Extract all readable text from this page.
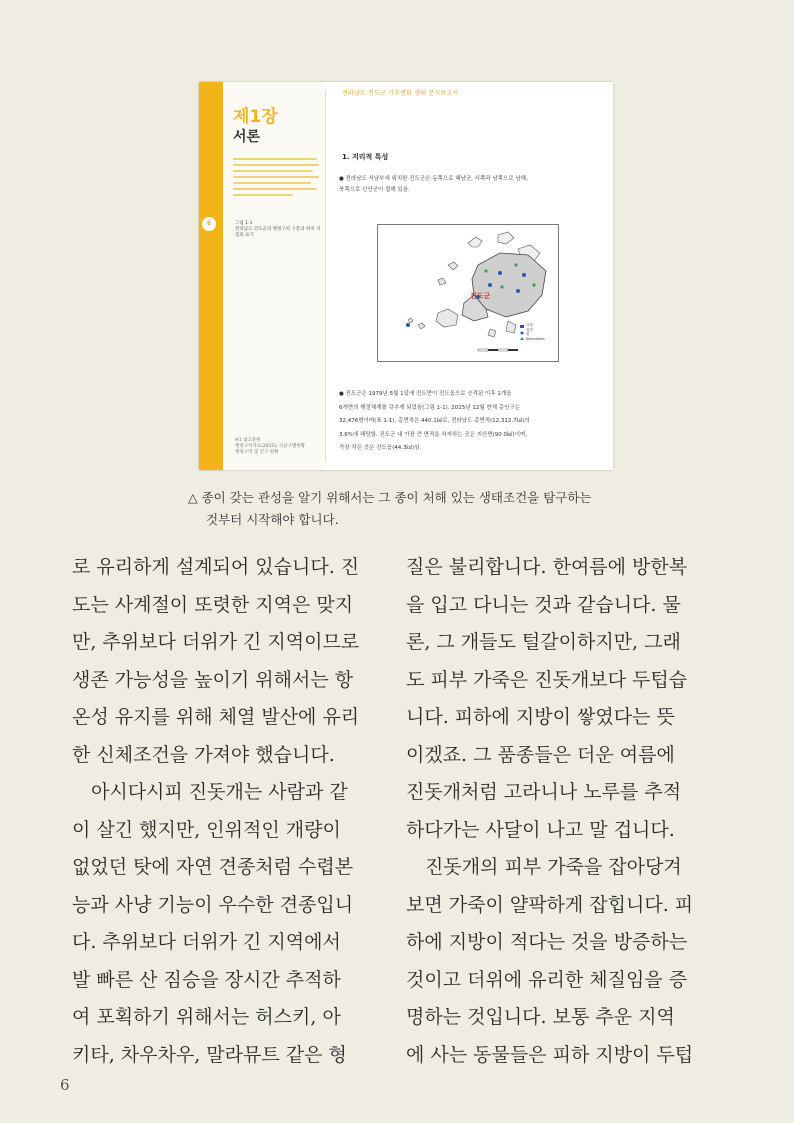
전라남도 진도군 기후변화 생태 분석보고서
제1장
서론
6	그림 1-1
전라남도 진도군의 행정구역 구분과 위치 지점의 표기
※1 참고문헌
행정구역자료(2015), 시군구별현황
행정구역 및 인구 현황
1. 지리적 특성
● 전라남도 서남부에 위치한 진도군은 동쪽으로 해남군, 서쪽과 남쪽으로 남해,
북쪽으로 신안군이 접해 있음.
진도군
시청
읍면
섬
Kilometers
● 진도군은 1979년 5월 1일에 진도면이 진도읍으로 승격된 이후 1개읍
6개면의 행정체계를 갖추게 되었음(그림 1-1). 2015년 12월 현재 총인구는
32,476명이며(표 1-1), 총면적은 440.1㎢로, 전라남도 총면적(12,312.7㎢)의
3.6%에 해당함. 진도군 내 가장 큰 면적을 차지하는 곳은 지산면(90.0㎢)이며,
가장 작은 곳은 진도읍(44.3㎢)임.
△ 종이 갖는 관성을 알기 위해서는 그 종이 처해 있는 생태조건을 탐구하는
것부터 시작해야 합니다.
로 유리하게 설계되어 있습니다. 진
도는 사계절이 또렷한 지역은 맞지
만, 추위보다 더위가 긴 지역이므로
생존 가능성을 높이기 위해서는 항
온성 유지를 위해 체열 발산에 유리
한 신체조건을 가져야 했습니다.
　아시다시피 진돗개는 사람과 같
이 살긴 했지만, 인위적인 개량이
없었던 탓에 자연 견종처럼 수렵본
능과 사냥 기능이 우수한 견종입니
다. 추위보다 더위가 긴 지역에서
발 빠른 산 짐승을 장시간 추적하
여 포획하기 위해서는 허스키, 아
키타, 차우차우, 말라뮤트 같은 형
질은 불리합니다. 한여름에 방한복
을 입고 다니는 것과 같습니다. 물
론, 그 개들도 털갈이하지만, 그래
도 피부 가죽은 진돗개보다 두텁습
니다. 피하에 지방이 쌓였다는 뜻
이겠죠. 그 품종들은 더운 여름에
진돗개처럼 고라니나 노루를 추적
하다가는 사달이 나고 말 겁니다.
　진돗개의 피부 가죽을 잡아당겨
보면 가죽이 얄팍하게 잡힙니다. 피
하에 지방이 적다는 것을 방증하는
것이고 더위에 유리한 체질임을 증
명하는 것입니다. 보통 추운 지역
에 사는 동물들은 피하 지방이 두텁
6
